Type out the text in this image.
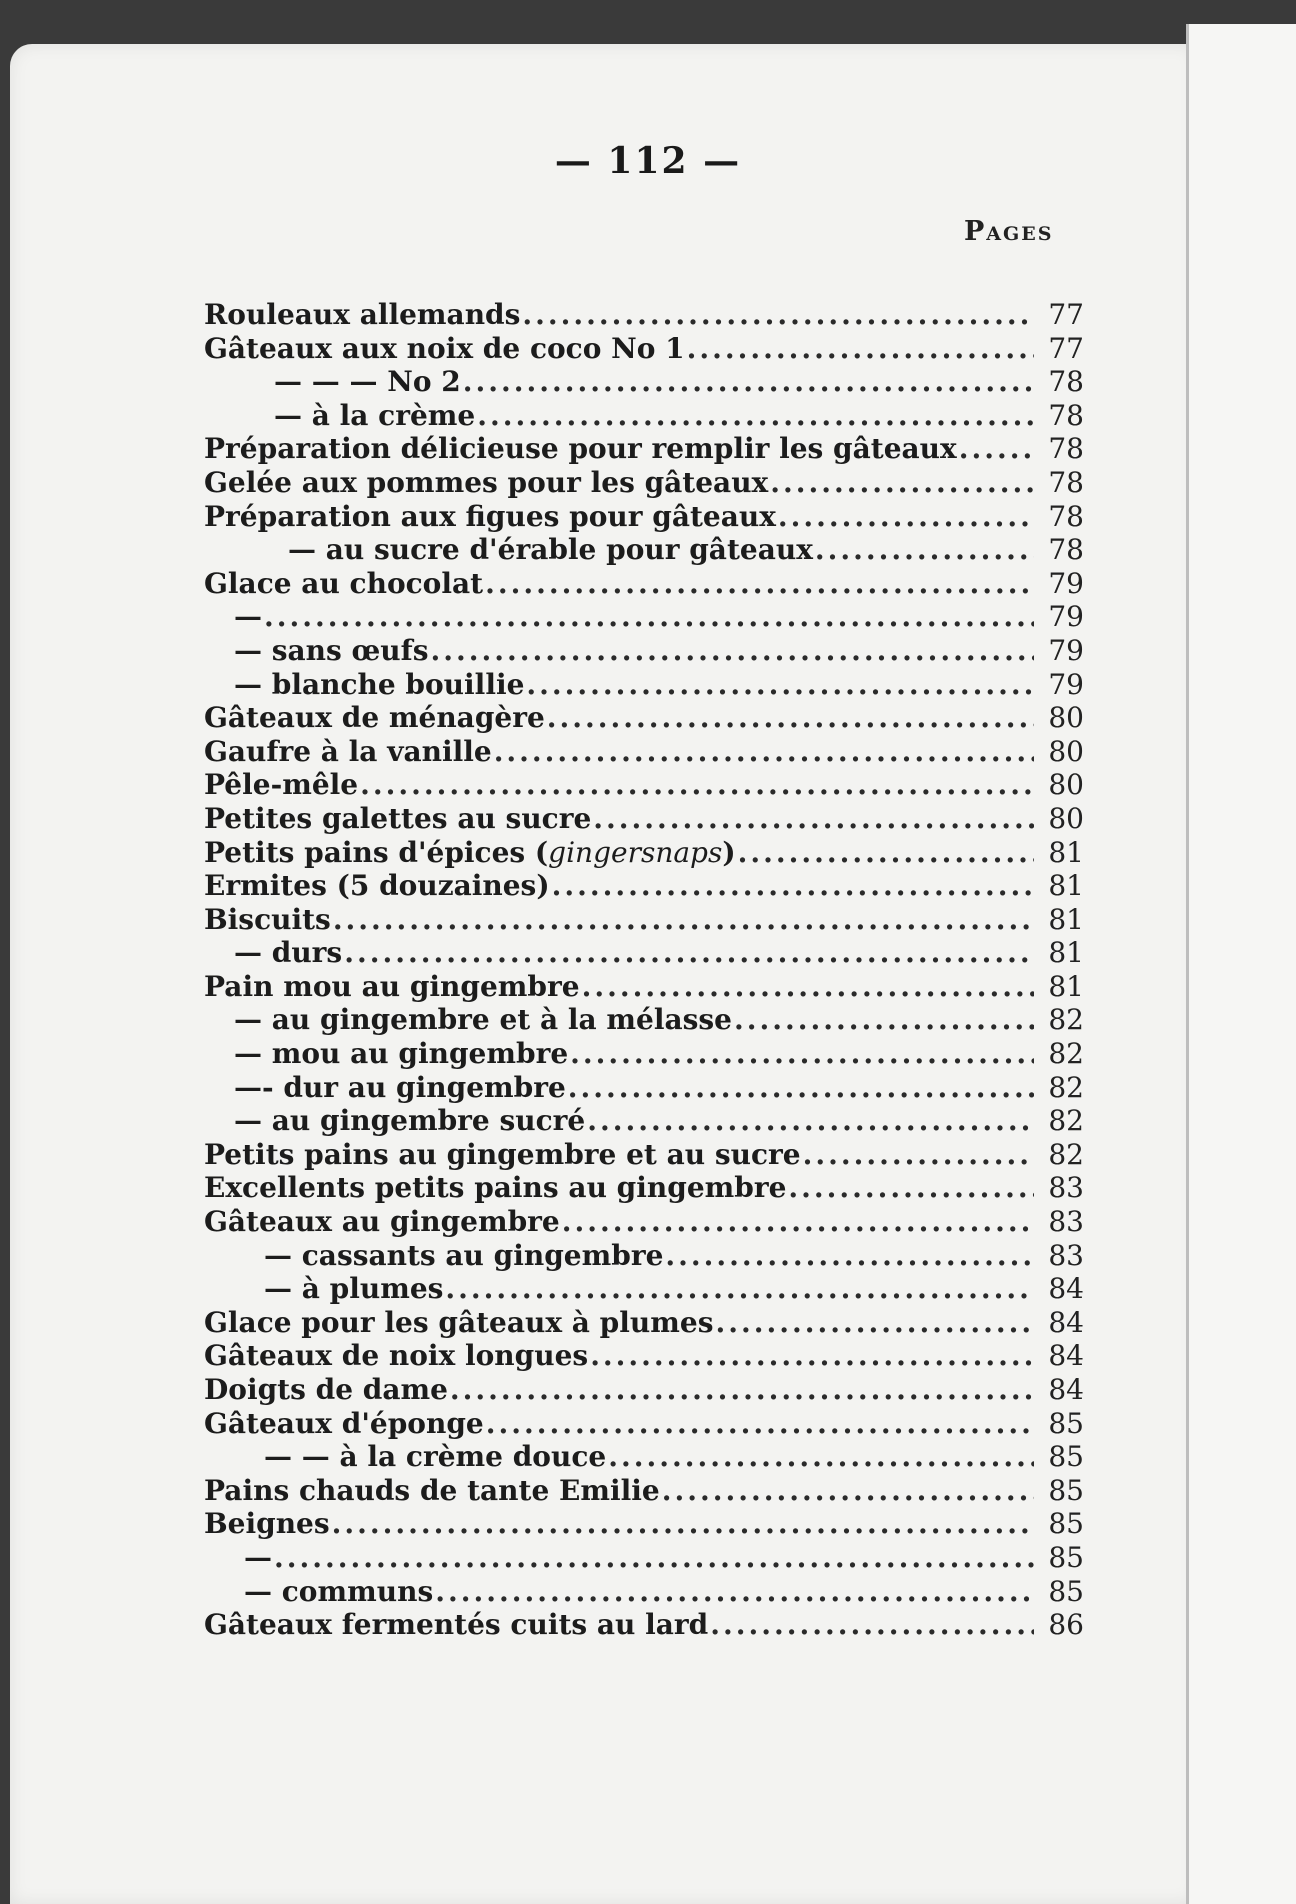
— 112 —
Pages
Rouleaux allemands .....	77
Gâteaux aux noix de coco No 1 .....	77
— — — No 2 .....	78
— à la crème .....	78
Préparation délicieuse pour remplir les gâteaux .....	78
Gelée aux pommes pour les gâteaux .....	78
Préparation aux figues pour gâteaux .....	78
— au sucre d'érable pour gâteaux .....	78
Glace au chocolat .....	79
— .....	79
— sans œufs .....	79
— blanche bouillie .....	79
Gâteaux de ménagère .....	80
Gaufre à la vanille .....	80
Pêle-mêle .....	80
Petites galettes au sucre .....	80
Petits pains d'épices (gingersnaps) .....	81
Ermites (5 douzaines) .....	81
Biscuits .....	81
— durs .....	81
Pain mou au gingembre .....	81
— au gingembre et à la mélasse .....	82
— mou au gingembre .....	82
—- dur au gingembre .....	82
— au gingembre sucré .....	82
Petits pains au gingembre et au sucre .....	82
Excellents petits pains au gingembre .....	83
Gâteaux au gingembre .....	83
— cassants au gingembre .....	83
— à plumes .....	84
Glace pour les gâteaux à plumes .....	84
Gâteaux de noix longues .....	84
Doigts de dame .....	84
Gâteaux d'éponge .....	85
— — à la crème douce .....	85
Pains chauds de tante Emilie .....	85
Beignes .....	85
— .....	85
— communs .....	85
Gâteaux fermentés cuits au lard .....	86
